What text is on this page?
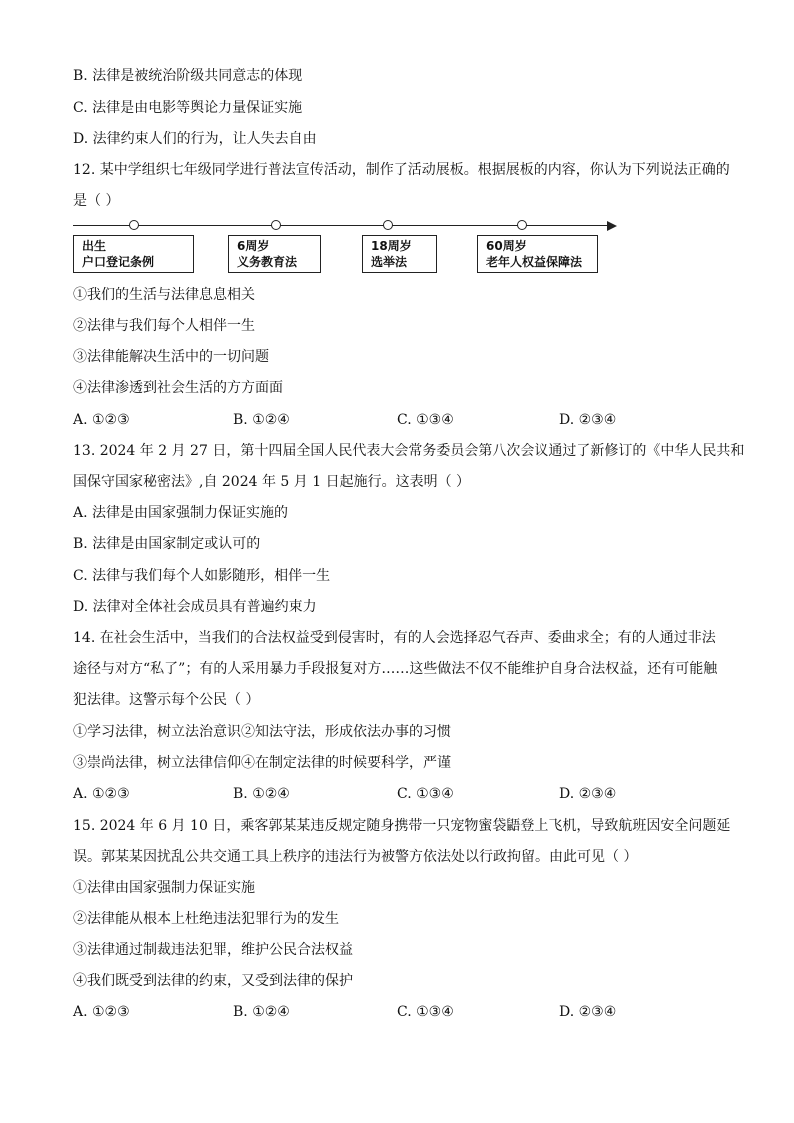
B. 法律是被统治阶级共同意志的体现
C. 法律是由电影等舆论力量保证实施
D. 法律约束人们的行为，让人失去自由
12. 某中学组织七年级同学进行普法宣传活动，制作了活动展板。根据展板的内容，你认为下列说法正确的
是（ ）
出生
户口登记条例
6周岁
义务教育法
18周岁
选举法
60周岁
老年人权益保障法
①我们的生活与法律息息相关
②法律与我们每个人相伴一生
③法律能解决生活中的一切问题
④法律渗透到社会生活的方方面面
A. ①②③	B. ①②④	C. ①③④	D. ②③④
13. 2024 年 2 月 27 日，第十四届全国人民代表大会常务委员会第八次会议通过了新修订的《中华人民共和
国保守国家秘密法》,自 2024 年 5 月 1 日起施行。这表明（ ）
A. 法律是由国家强制力保证实施的
B. 法律是由国家制定或认可的
C. 法律与我们每个人如影随形，相伴一生
D. 法律对全体社会成员具有普遍约束力
14. 在社会生活中，当我们的合法权益受到侵害时，有的人会选择忍气吞声、委曲求全；有的人通过非法
途径与对方“私了”；有的人采用暴力手段报复对方……这些做法不仅不能维护自身合法权益，还有可能触
犯法律。这警示每个公民（ ）
①学习法律，树立法治意识②知法守法，形成依法办事的习惯
③崇尚法律，树立法律信仰④在制定法律的时候要科学，严谨
A. ①②③	B. ①②④	C. ①③④	D. ②③④
15. 2024 年 6 月 10 日，乘客郭某某违反规定随身携带一只宠物蜜袋鼯登上飞机，导致航班因安全问题延
误。郭某某因扰乱公共交通工具上秩序的违法行为被警方依法处以行政拘留。由此可见（ ）
①法律由国家强制力保证实施
②法律能从根本上杜绝违法犯罪行为的发生
③法律通过制裁违法犯罪，维护公民合法权益
④我们既受到法律的约束，又受到法律的保护
A. ①②③	B. ①②④	C. ①③④	D. ②③④
